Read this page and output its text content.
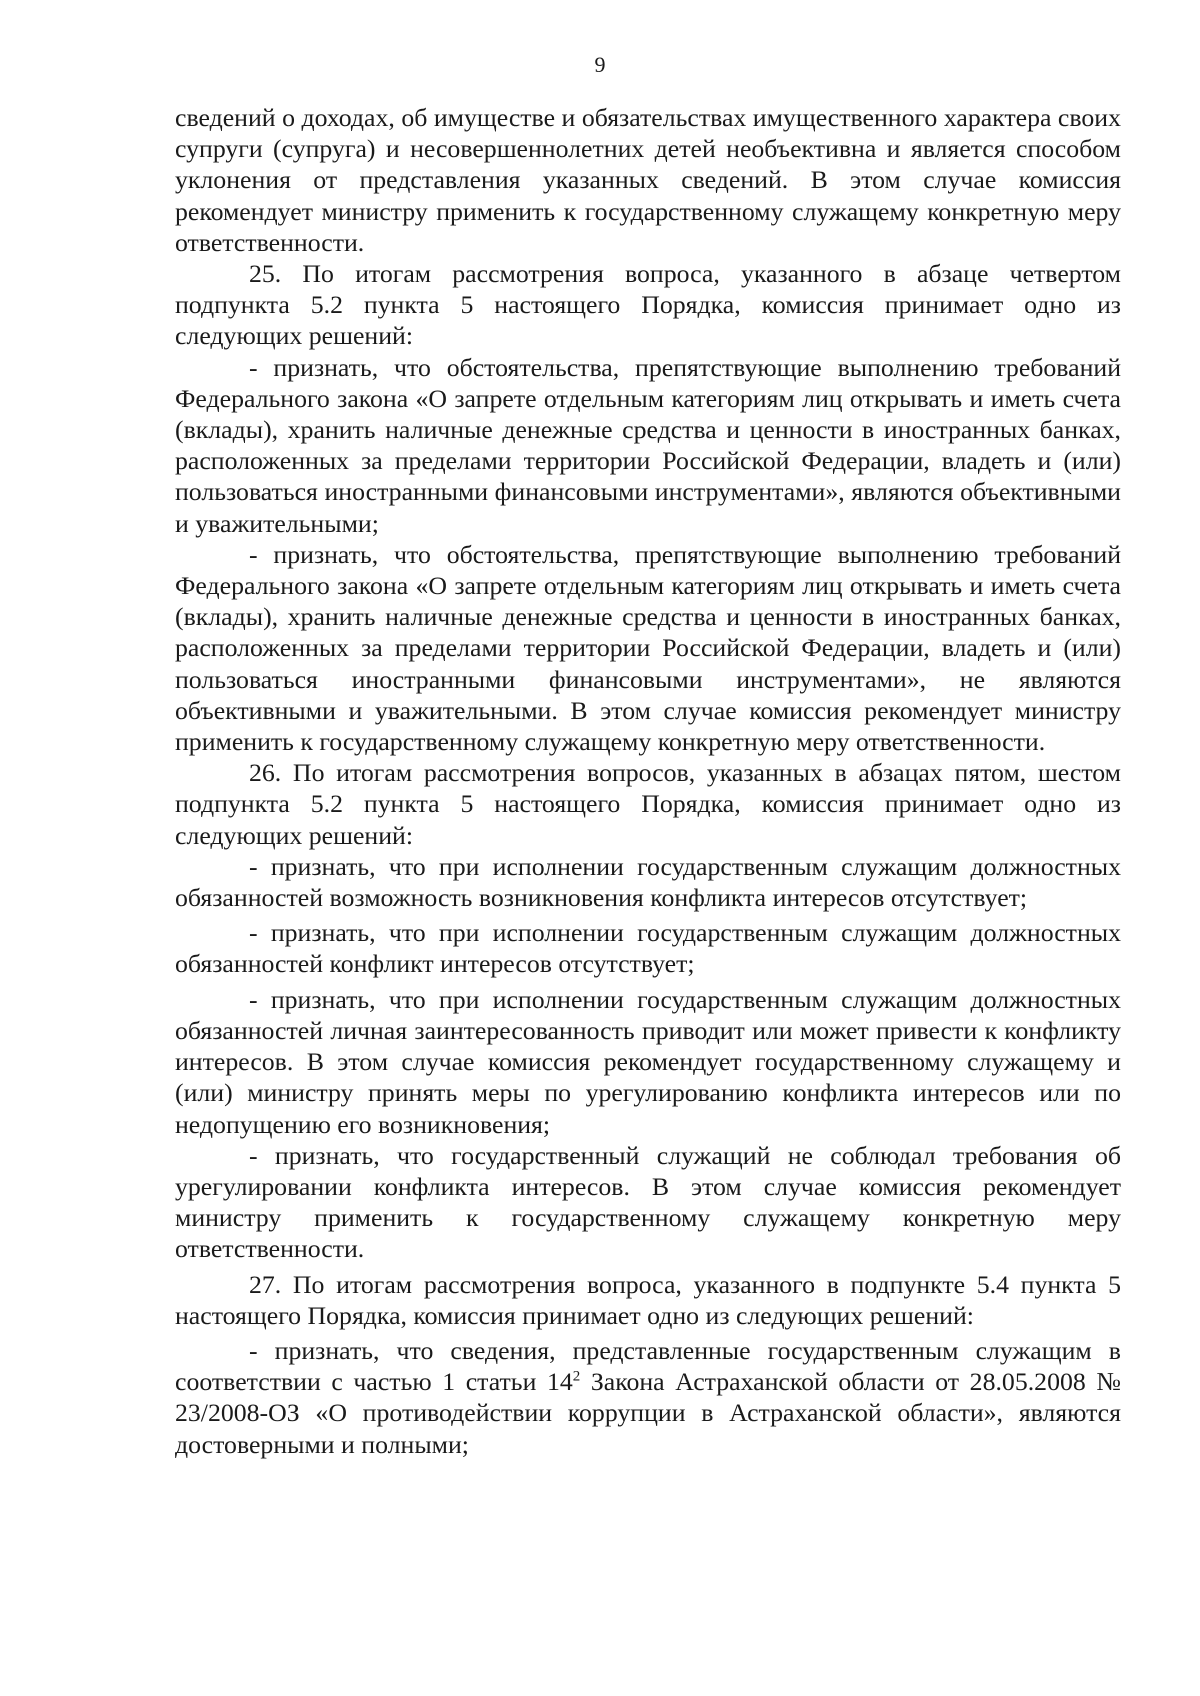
9

сведений о доходах, об имуществе и обязательствах имущественного характера своих супруги (супруга) и несовершеннолетних детей необъективна и является способом уклонения от представления указанных сведений. В этом случае комиссия рекомендует министру применить к государственному служащему конкретную меру ответственности.

25. По итогам рассмотрения вопроса, указанного в абзаце четвертом подпункта 5.2 пункта 5 настоящего Порядка, комиссия принимает одно из следующих решений:

- признать, что обстоятельства, препятствующие выполнению требований Федерального закона «О запрете отдельным категориям лиц открывать и иметь счета (вклады), хранить наличные денежные средства и ценности в иностранных банках, расположенных за пределами территории Российской Федерации, владеть и (или) пользоваться иностранными финансовыми инструментами», являются объективными и уважительными;

- признать, что обстоятельства, препятствующие выполнению требований Федерального закона «О запрете отдельным категориям лиц открывать и иметь счета (вклады), хранить наличные денежные средства и ценности в иностранных банках, расположенных за пределами территории Российской Федерации, владеть и (или) пользоваться иностранными финансовыми инструментами», не являются объективными и уважительными. В этом случае комиссия рекомендует министру применить к государственному служащему конкретную меру ответственности.

26. По итогам рассмотрения вопросов, указанных в абзацах пятом, шестом подпункта 5.2 пункта 5 настоящего Порядка, комиссия принимает одно из следующих решений:

- признать, что при исполнении государственным служащим должностных обязанностей возможность возникновения конфликта интересов отсутствует;

- признать, что при исполнении государственным служащим должностных обязанностей конфликт интересов отсутствует;

- признать, что при исполнении государственным служащим должностных обязанностей личная заинтересованность приводит или может привести к конфликту интересов. В этом случае комиссия рекомендует государственному служащему и (или) министру принять меры по урегулированию конфликта интересов или по недопущению его возникновения;

- признать, что государственный служащий не соблюдал требования об урегулировании конфликта интересов. В этом случае комиссия рекомендует министру применить к государственному служащему конкретную меру ответственности.

27. По итогам рассмотрения вопроса, указанного в подпункте 5.4 пункта 5 настоящего Порядка, комиссия принимает одно из следующих решений:

- признать, что сведения, представленные государственным служащим в соответствии с частью 1 статьи $14^2$ Закона Астраханской области от 28.05.2008 № 23/2008-ОЗ «О противодействии коррупции в Астраханской области», являются достоверными и полными;
